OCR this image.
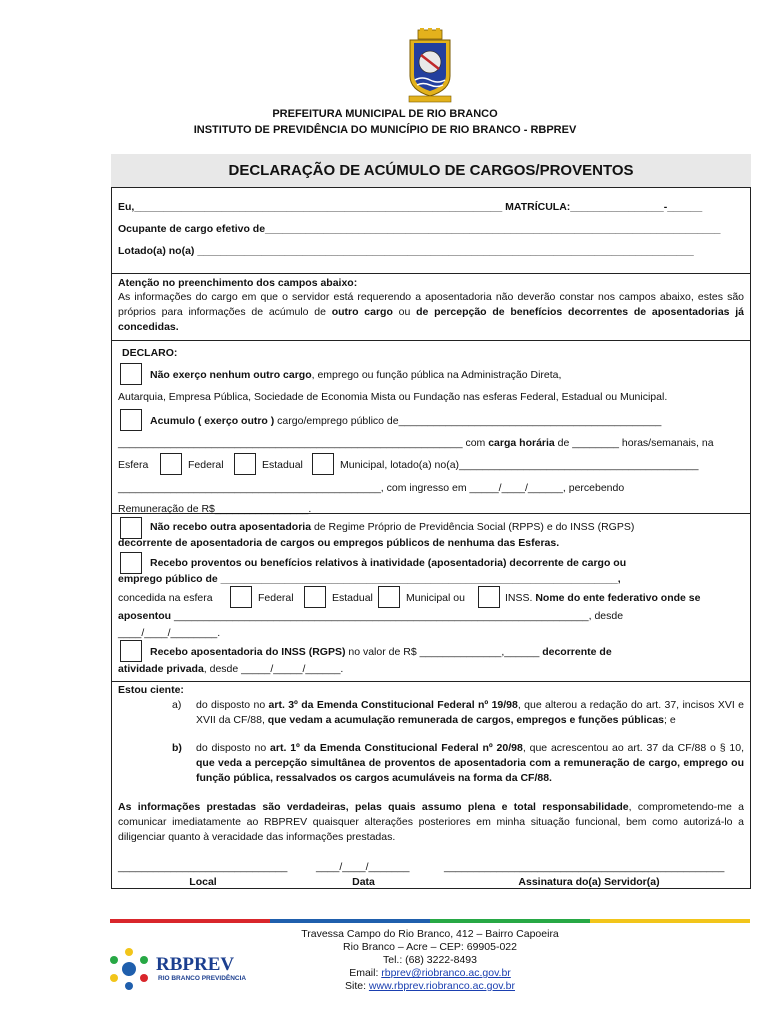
PREFEITURA MUNICIPAL DE RIO BRANCO
INSTITUTO DE PREVIDÊNCIA DO MUNICÍPIO DE RIO BRANCO - RBPREV
DECLARAÇÃO DE ACÚMULO DE CARGOS/PROVENTOS
Eu,_______________________________________________________________ MATRÍCULA:________________-______
Ocupante de cargo efetivo de______________________________________________________________________________
Lotado(a) no(a) _____________________________________________________________________________________
Atenção no preenchimento dos campos abaixo:
As informações do cargo em que o servidor está requerendo a aposentadoria não deverão constar nos campos abaixo, estes são próprios para informações de acúmulo de outro cargo ou de percepção de benefícios decorrentes de aposentadorias já concedidas.
DECLARO:
Não exerço nenhum outro cargo, emprego ou função pública na Administração Direta,
Autarquia, Empresa Pública, Sociedade de Economia Mista ou Fundação nas esferas Federal, Estadual ou Municipal.
Acumulo ( exerço outro ) cargo/emprego público de_____________________________________________
___________________________________________________________ com carga horária de ________ horas/semanais, na
Esfera	Federal	Estadual	Municipal, lotado(a) no(a)_________________________________________
_____________________________________________, com ingresso em _____/____/______, percebendo
Remuneração de R$________________.
Não recebo outra aposentadoria de Regime Próprio de Previdência Social (RPPS) e do INSS (RGPS)
decorrente de aposentadoria de cargos ou empregos públicos de nenhuma das Esferas.
Recebo proventos ou benefícios relativos à inatividade (aposentadoria) decorrente de cargo ou
emprego público de ____________________________________________________________________,
concedida na esfera	Federal	Estadual	Municipal ou	INSS. Nome do ente federativo onde se
aposentou _______________________________________________________________________, desde
____/____/________.
Recebo aposentadoria do INSS (RGPS) no valor de R$ ______________,______ decorrente de
atividade privada, desde _____/_____/______.
Estou ciente:
a) do disposto no art. 3º da Emenda Constitucional Federal nº 19/98, que alterou a redação do art. 37, incisos XVI e XVII da CF/88, que vedam a acumulação remunerada de cargos, empregos e funções públicas; e
b) do disposto no art. 1º da Emenda Constitucional Federal nº 20/98, que acrescentou ao art. 37 da CF/88 o § 10, que veda a percepção simultânea de proventos de aposentadoria com a remuneração de cargo, emprego ou função pública, ressalvados os cargos acumuláveis na forma da CF/88.
As informações prestadas são verdadeiras, pelas quais assumo plena e total responsabilidade, comprometendo-me a comunicar imediatamente ao RBPREV quaisquer alterações posteriores em minha situação funcional, bem como autorizá-lo a diligenciar quanto à veracidade das informações prestadas.
_____________________________	____/____/_______	________________________________________________
Local	Data	Assinatura do(a) Servidor(a)
RBPREV
RIO BRANCO PREVIDÊNCIA
Travessa Campo do Rio Branco, 412 – Bairro Capoeira
Rio Branco – Acre – CEP: 69905-022
Tel.: (68) 3222-8493
Email: rbprev@riobranco.ac.gov.br
Site: www.rbprev.riobranco.ac.gov.br
